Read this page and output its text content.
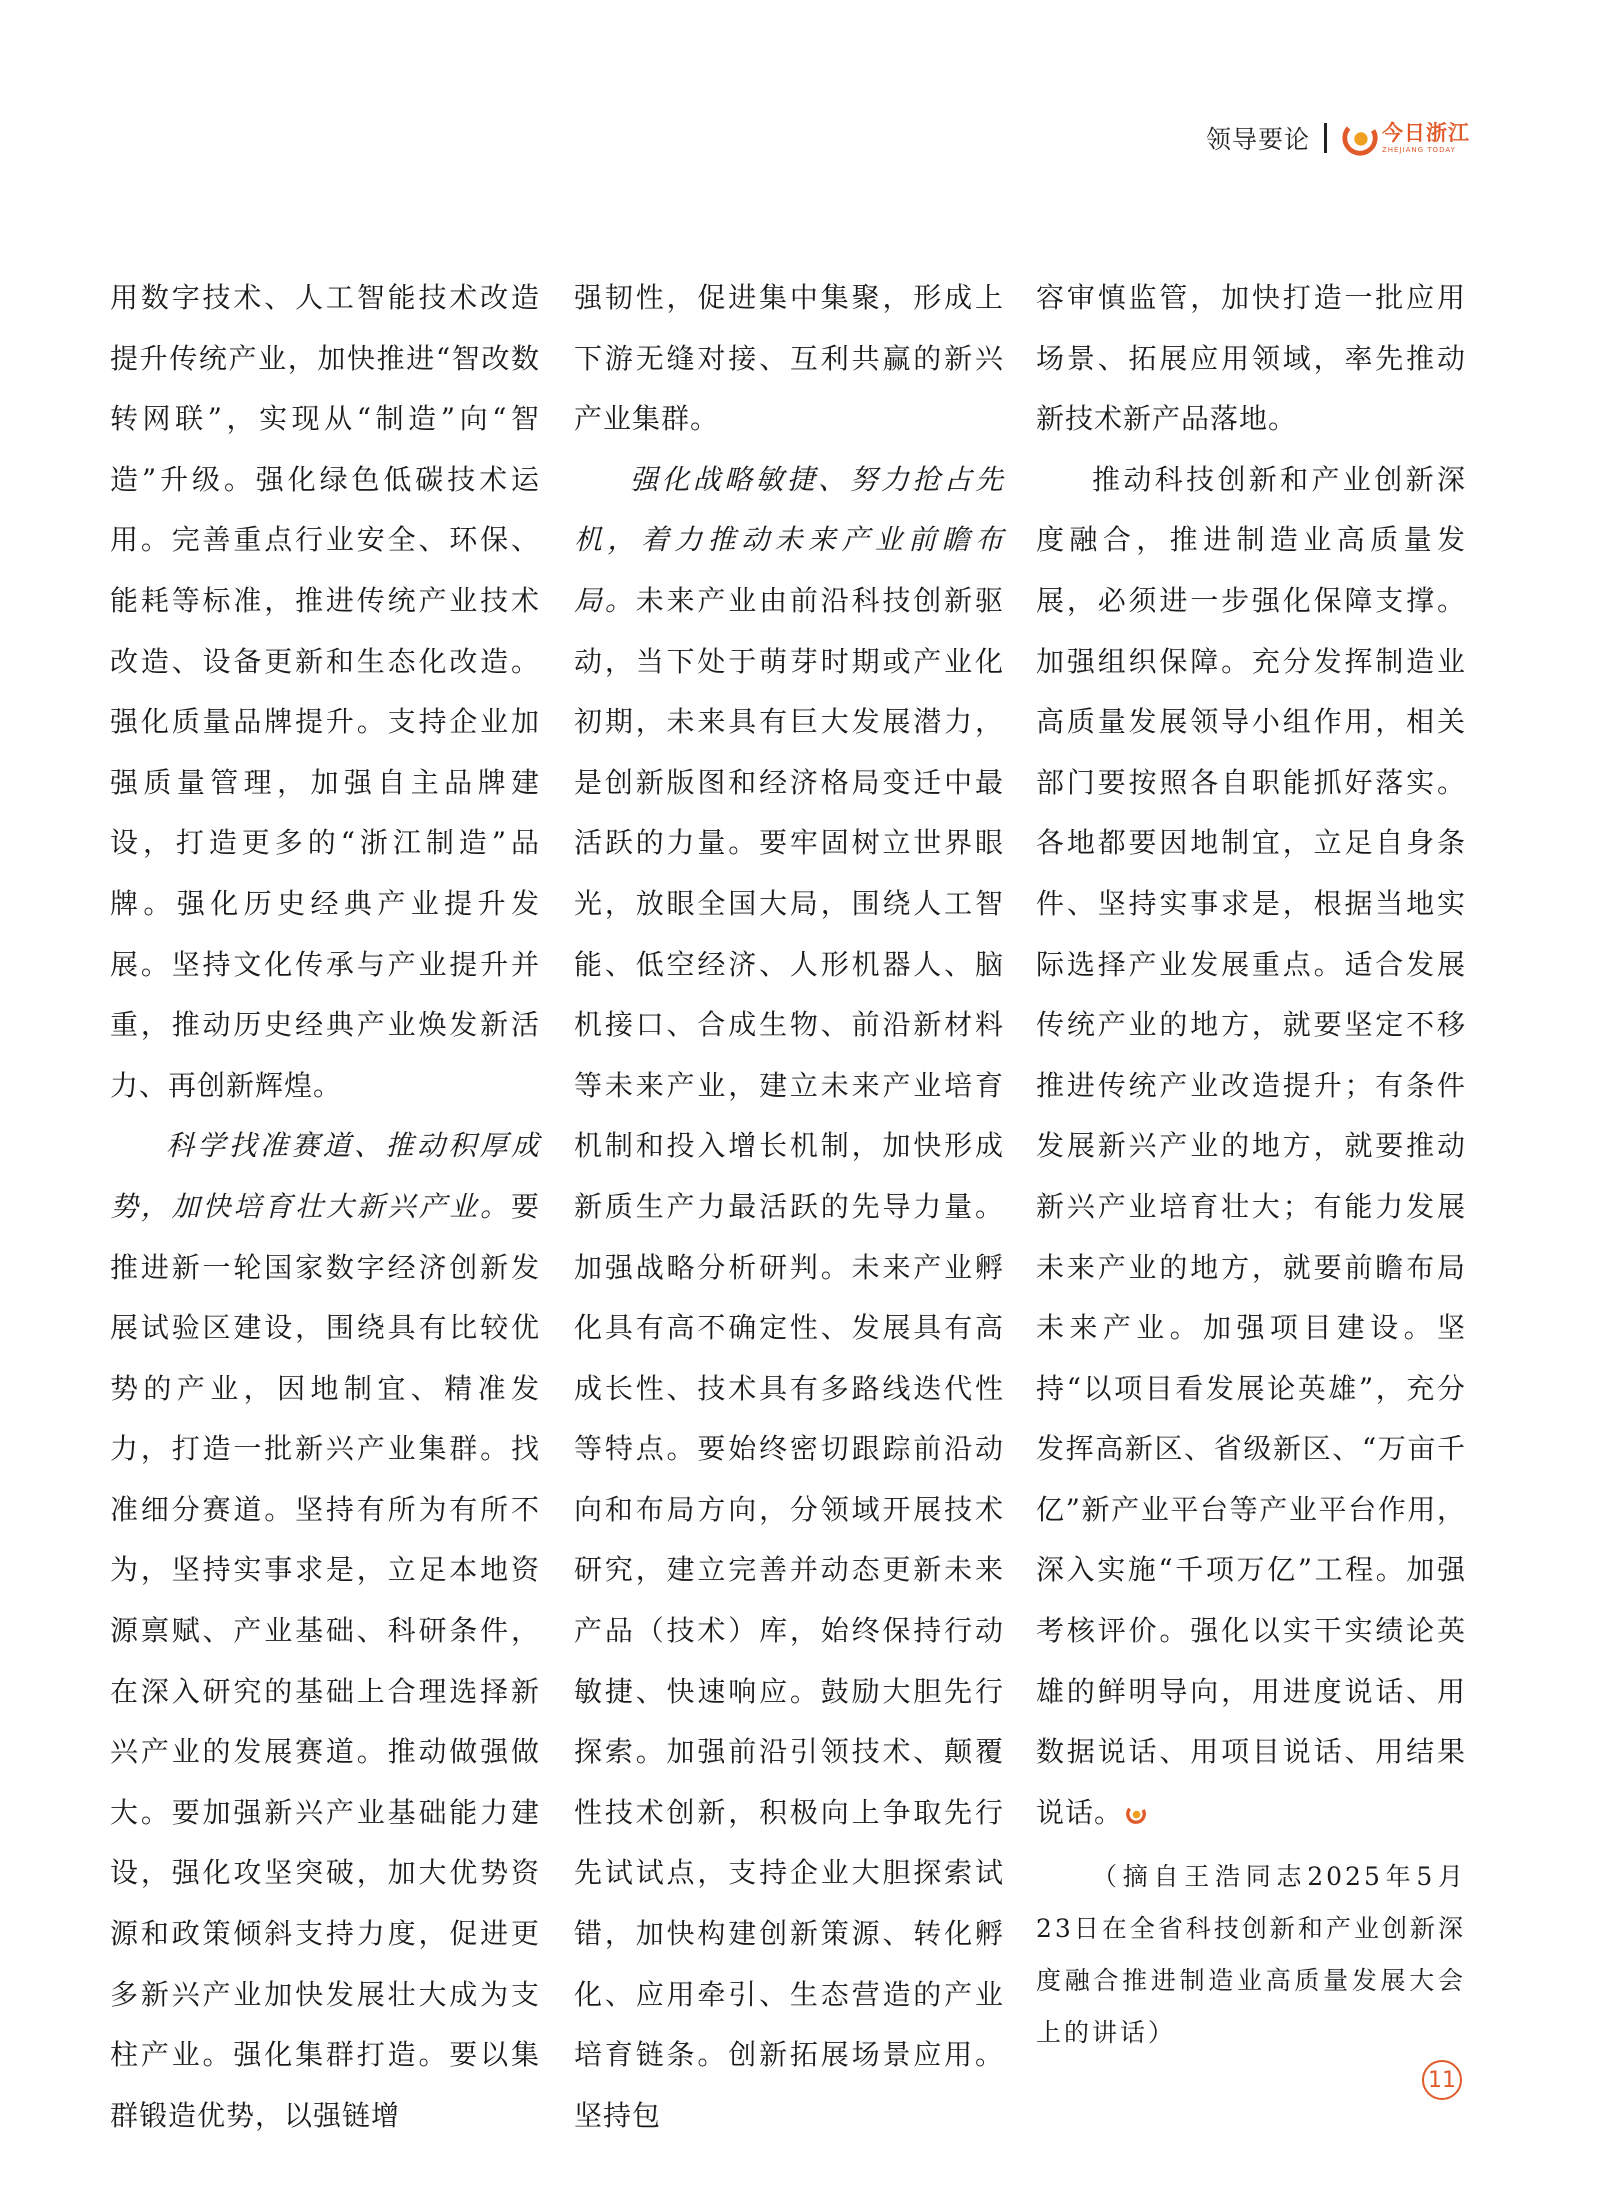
领导要论	今日浙江
ZHEJIANG TODAY

用数字技术、人工智能技术改造提升传统产业，加快推进“智改数转网联”，实现从“制造”向“智造”升级。强化绿色低碳技术运用。完善重点行业安全、环保、能耗等标准，推进传统产业技术改造、设备更新和生态化改造。强化质量品牌提升。支持企业加强质量管理，加强自主品牌建设，打造更多的“浙江制造”品牌。强化历史经典产业提升发展。坚持文化传承与产业提升并重，推动历史经典产业焕发新活力、再创新辉煌。

科学找准赛道、推动积厚成势，加快培育壮大新兴产业。要推进新一轮国家数字经济创新发展试验区建设，围绕具有比较优势的产业，因地制宜、精准发力，打造一批新兴产业集群。找准细分赛道。坚持有所为有所不为，坚持实事求是，立足本地资源禀赋、产业基础、科研条件，在深入研究的基础上合理选择新兴产业的发展赛道。推动做强做大。要加强新兴产业基础能力建设，强化攻坚突破，加大优势资源和政策倾斜支持力度，促进更多新兴产业加快发展壮大成为支柱产业。强化集群打造。要以集群锻造优势，以强链增

强韧性，促进集中集聚，形成上下游无缝对接、互利共赢的新兴产业集群。

强化战略敏捷、努力抢占先机，着力推动未来产业前瞻布局。未来产业由前沿科技创新驱动，当下处于萌芽时期或产业化初期，未来具有巨大发展潜力，是创新版图和经济格局变迁中最活跃的力量。要牢固树立世界眼光，放眼全国大局，围绕人工智能、低空经济、人形机器人、脑机接口、合成生物、前沿新材料等未来产业，建立未来产业培育机制和投入增长机制，加快形成新质生产力最活跃的先导力量。加强战略分析研判。未来产业孵化具有高不确定性、发展具有高成长性、技术具有多路线迭代性等特点。要始终密切跟踪前沿动向和布局方向，分领域开展技术研究，建立完善并动态更新未来产品（技术）库，始终保持行动敏捷、快速响应。鼓励大胆先行探索。加强前沿引领技术、颠覆性技术创新，积极向上争取先行先试试点，支持企业大胆探索试错，加快构建创新策源、转化孵化、应用牵引、生态营造的产业培育链条。创新拓展场景应用。坚持包

容审慎监管，加快打造一批应用场景、拓展应用领域，率先推动新技术新产品落地。

推动科技创新和产业创新深度融合，推进制造业高质量发展，必须进一步强化保障支撑。加强组织保障。充分发挥制造业高质量发展领导小组作用，相关部门要按照各自职能抓好落实。各地都要因地制宜，立足自身条件、坚持实事求是，根据当地实际选择产业发展重点。适合发展传统产业的地方，就要坚定不移推进传统产业改造提升；有条件发展新兴产业的地方，就要推动新兴产业培育壮大；有能力发展未来产业的地方，就要前瞻布局未来产业。加强项目建设。坚持“以项目看发展论英雄”，充分发挥高新区、省级新区、“万亩千亿”新产业平台等产业平台作用，深入实施“千项万亿”工程。加强考核评价。强化以实干实绩论英雄的鲜明导向，用进度说话、用数据说话、用项目说话、用结果说话。

（摘自王浩同志2025年5月23日在全省科技创新和产业创新深度融合推进制造业高质量发展大会上的讲话）

11
